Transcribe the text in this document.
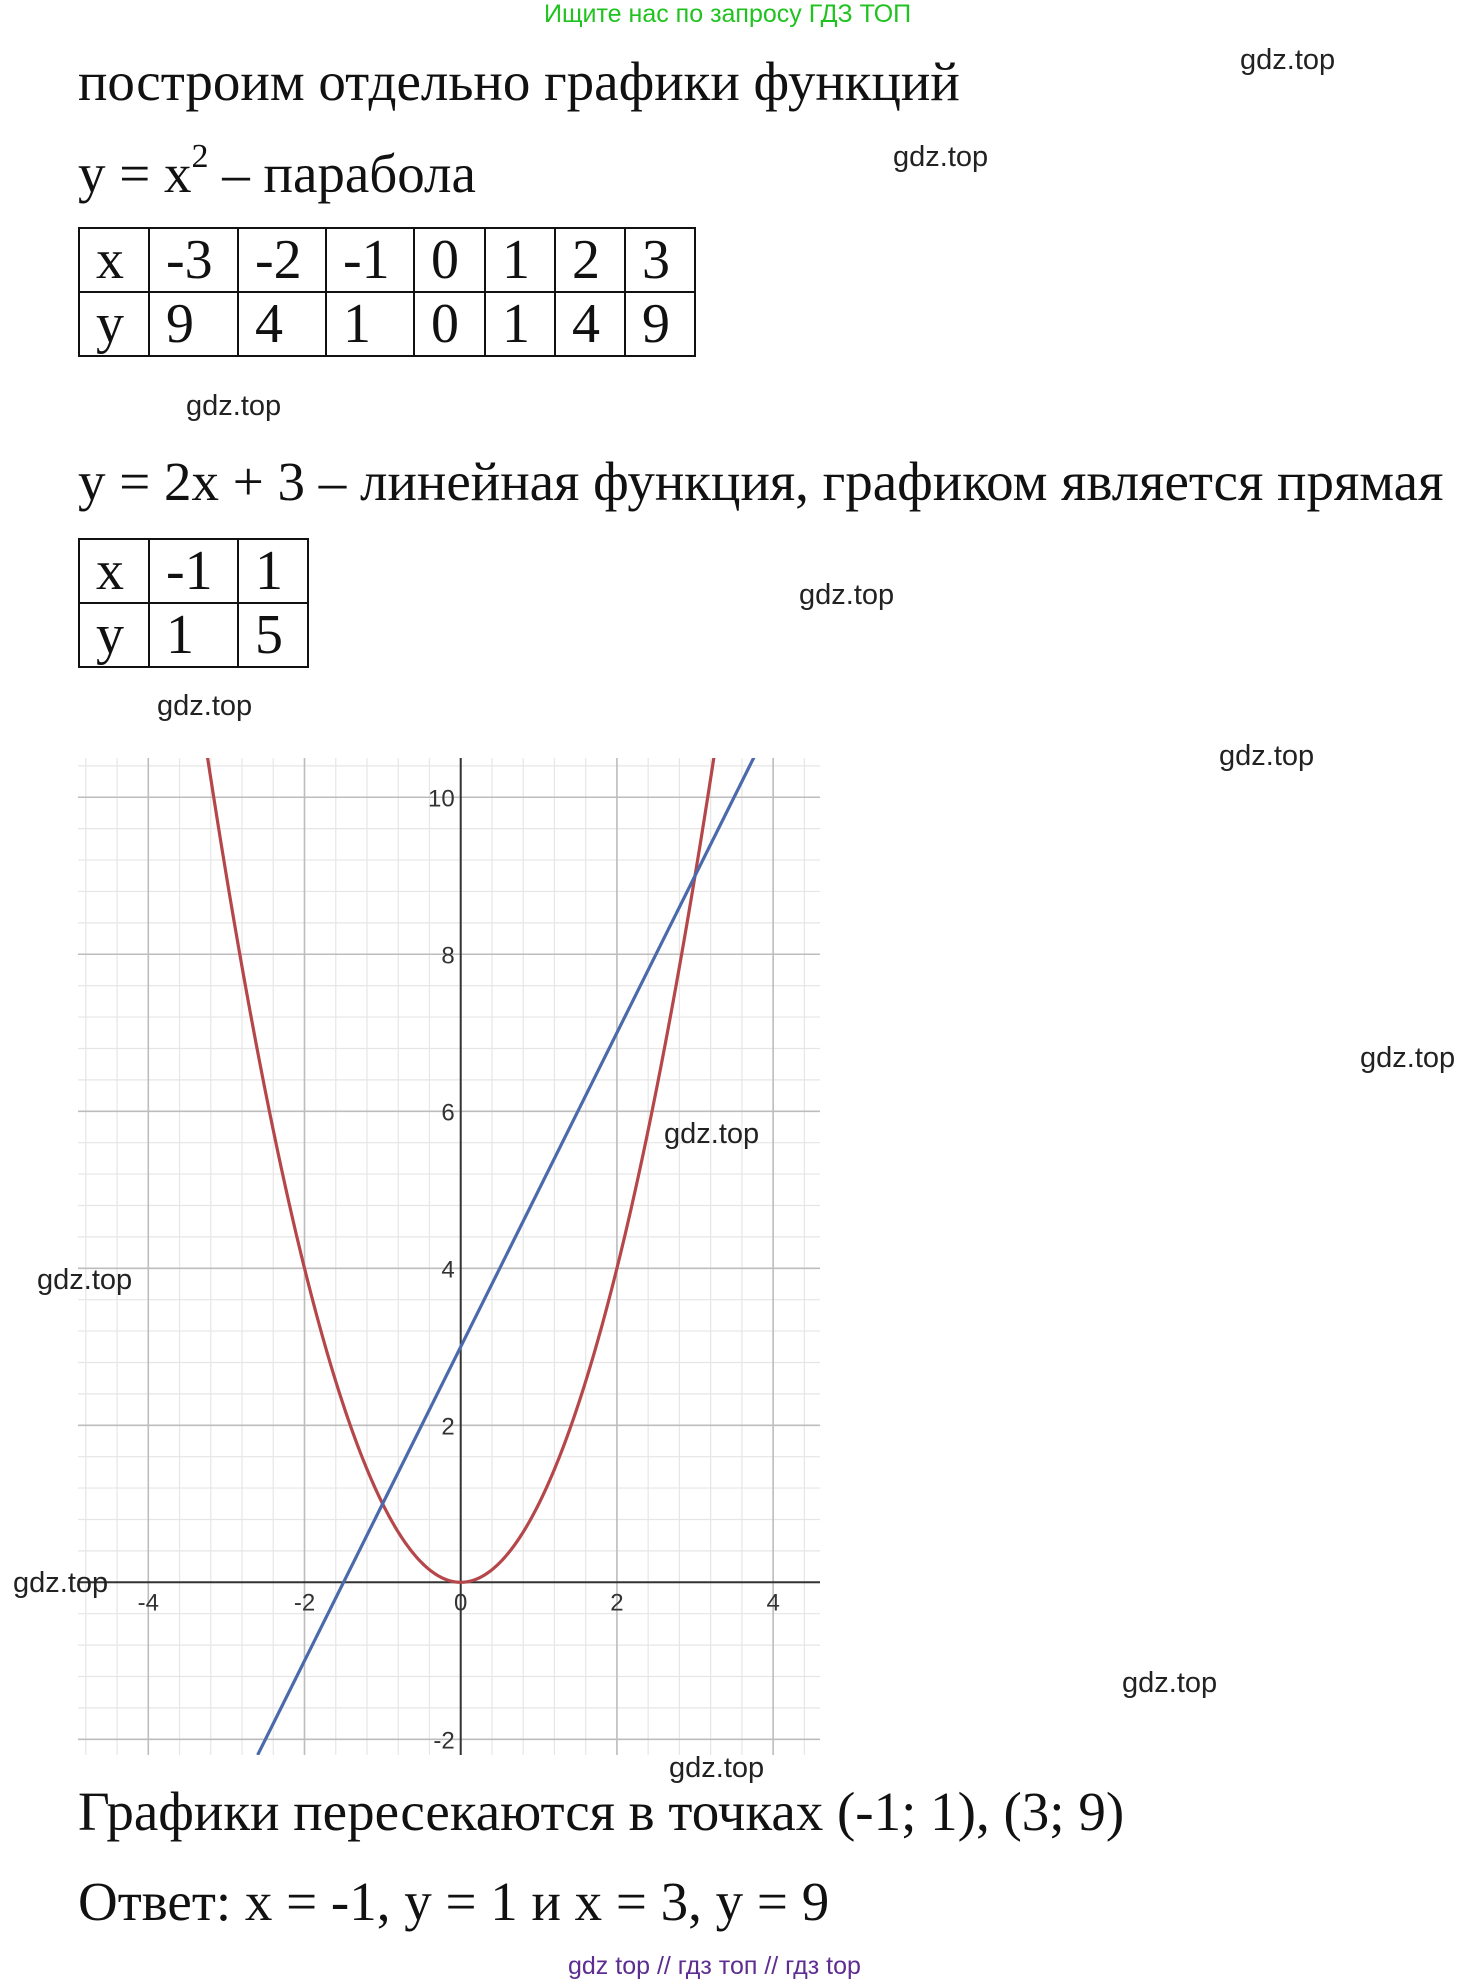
Ищите нас по запросу ГДЗ ТОП
построим отдельно графики функций
$y = x^2$ – парабола
x	-3	-2	-1	0	1	2	3
y	9	4	1	0	1	4	9
y = 2x + 3 – линейная функция, графиком является прямая
x	-1	1
y	1	5
gdz.top
gdz.top
gdz.top
gdz.top
gdz.top
gdz.top
gdz.top
gdz.top
-4	-2	0	2	4
-2
2
4
6
8
10
gdz.top
gdz.top
gdz.top
gdz.top
Графики пересекаются в точках (-1; 1), (3; 9)
Ответ: x = -1, y = 1 и x = 3, y = 9
gdz top // гдз топ // гдз top
